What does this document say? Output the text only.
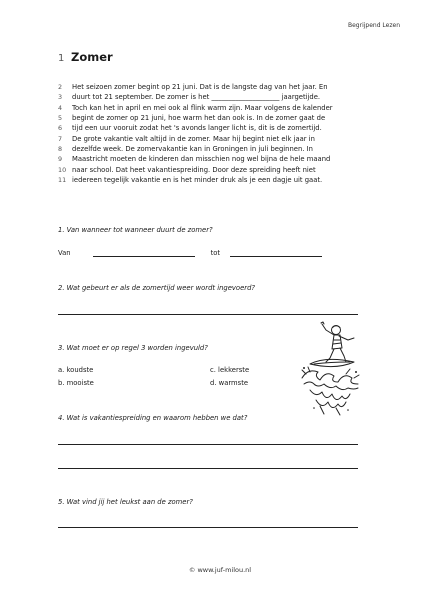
Begrijpend Lezen
1 Zomer
2	Het seizoen zomer begint op 21 juni. Dat is de langste dag van het jaar. En
3	duurt tot 21 september. De zomer is het ____________________ jaargetijde.
4	Toch kan het in april en mei ook al flink warm zijn. Maar volgens de kalender
5	begint de zomer op 21 juni, hoe warm het dan ook is. In de zomer gaat de
6	tijd een uur vooruit zodat het 's avonds langer licht is, dit is de zomertijd.
7	De grote vakantie valt altijd in de zomer. Maar hij begint niet elk jaar in
8	dezelfde week. De zomervakantie kan in Groningen in juli beginnen. In
9	Maastricht moeten de kinderen dan misschien nog wel bijna de hele maand
10 naar school. Dat heet vakantiespreiding. Door deze spreiding heeft niet
11 iedereen tegelijk vakantie en is het minder druk als je een dagje uit gaat.
1. Van wanneer tot wanneer duurt de zomer?
Van	tot
2. Wat gebeurt er als de zomertijd weer wordt ingevoerd?
3. Wat moet er op regel 3 worden ingevuld?
a. koudste
b. mooiste
c. lekkerste
d. warmste
4. Wat is vakantiespreiding en waarom hebben we dat?
5. Wat vind jij het leukst aan de zomer?
© www.juf-milou.nl
